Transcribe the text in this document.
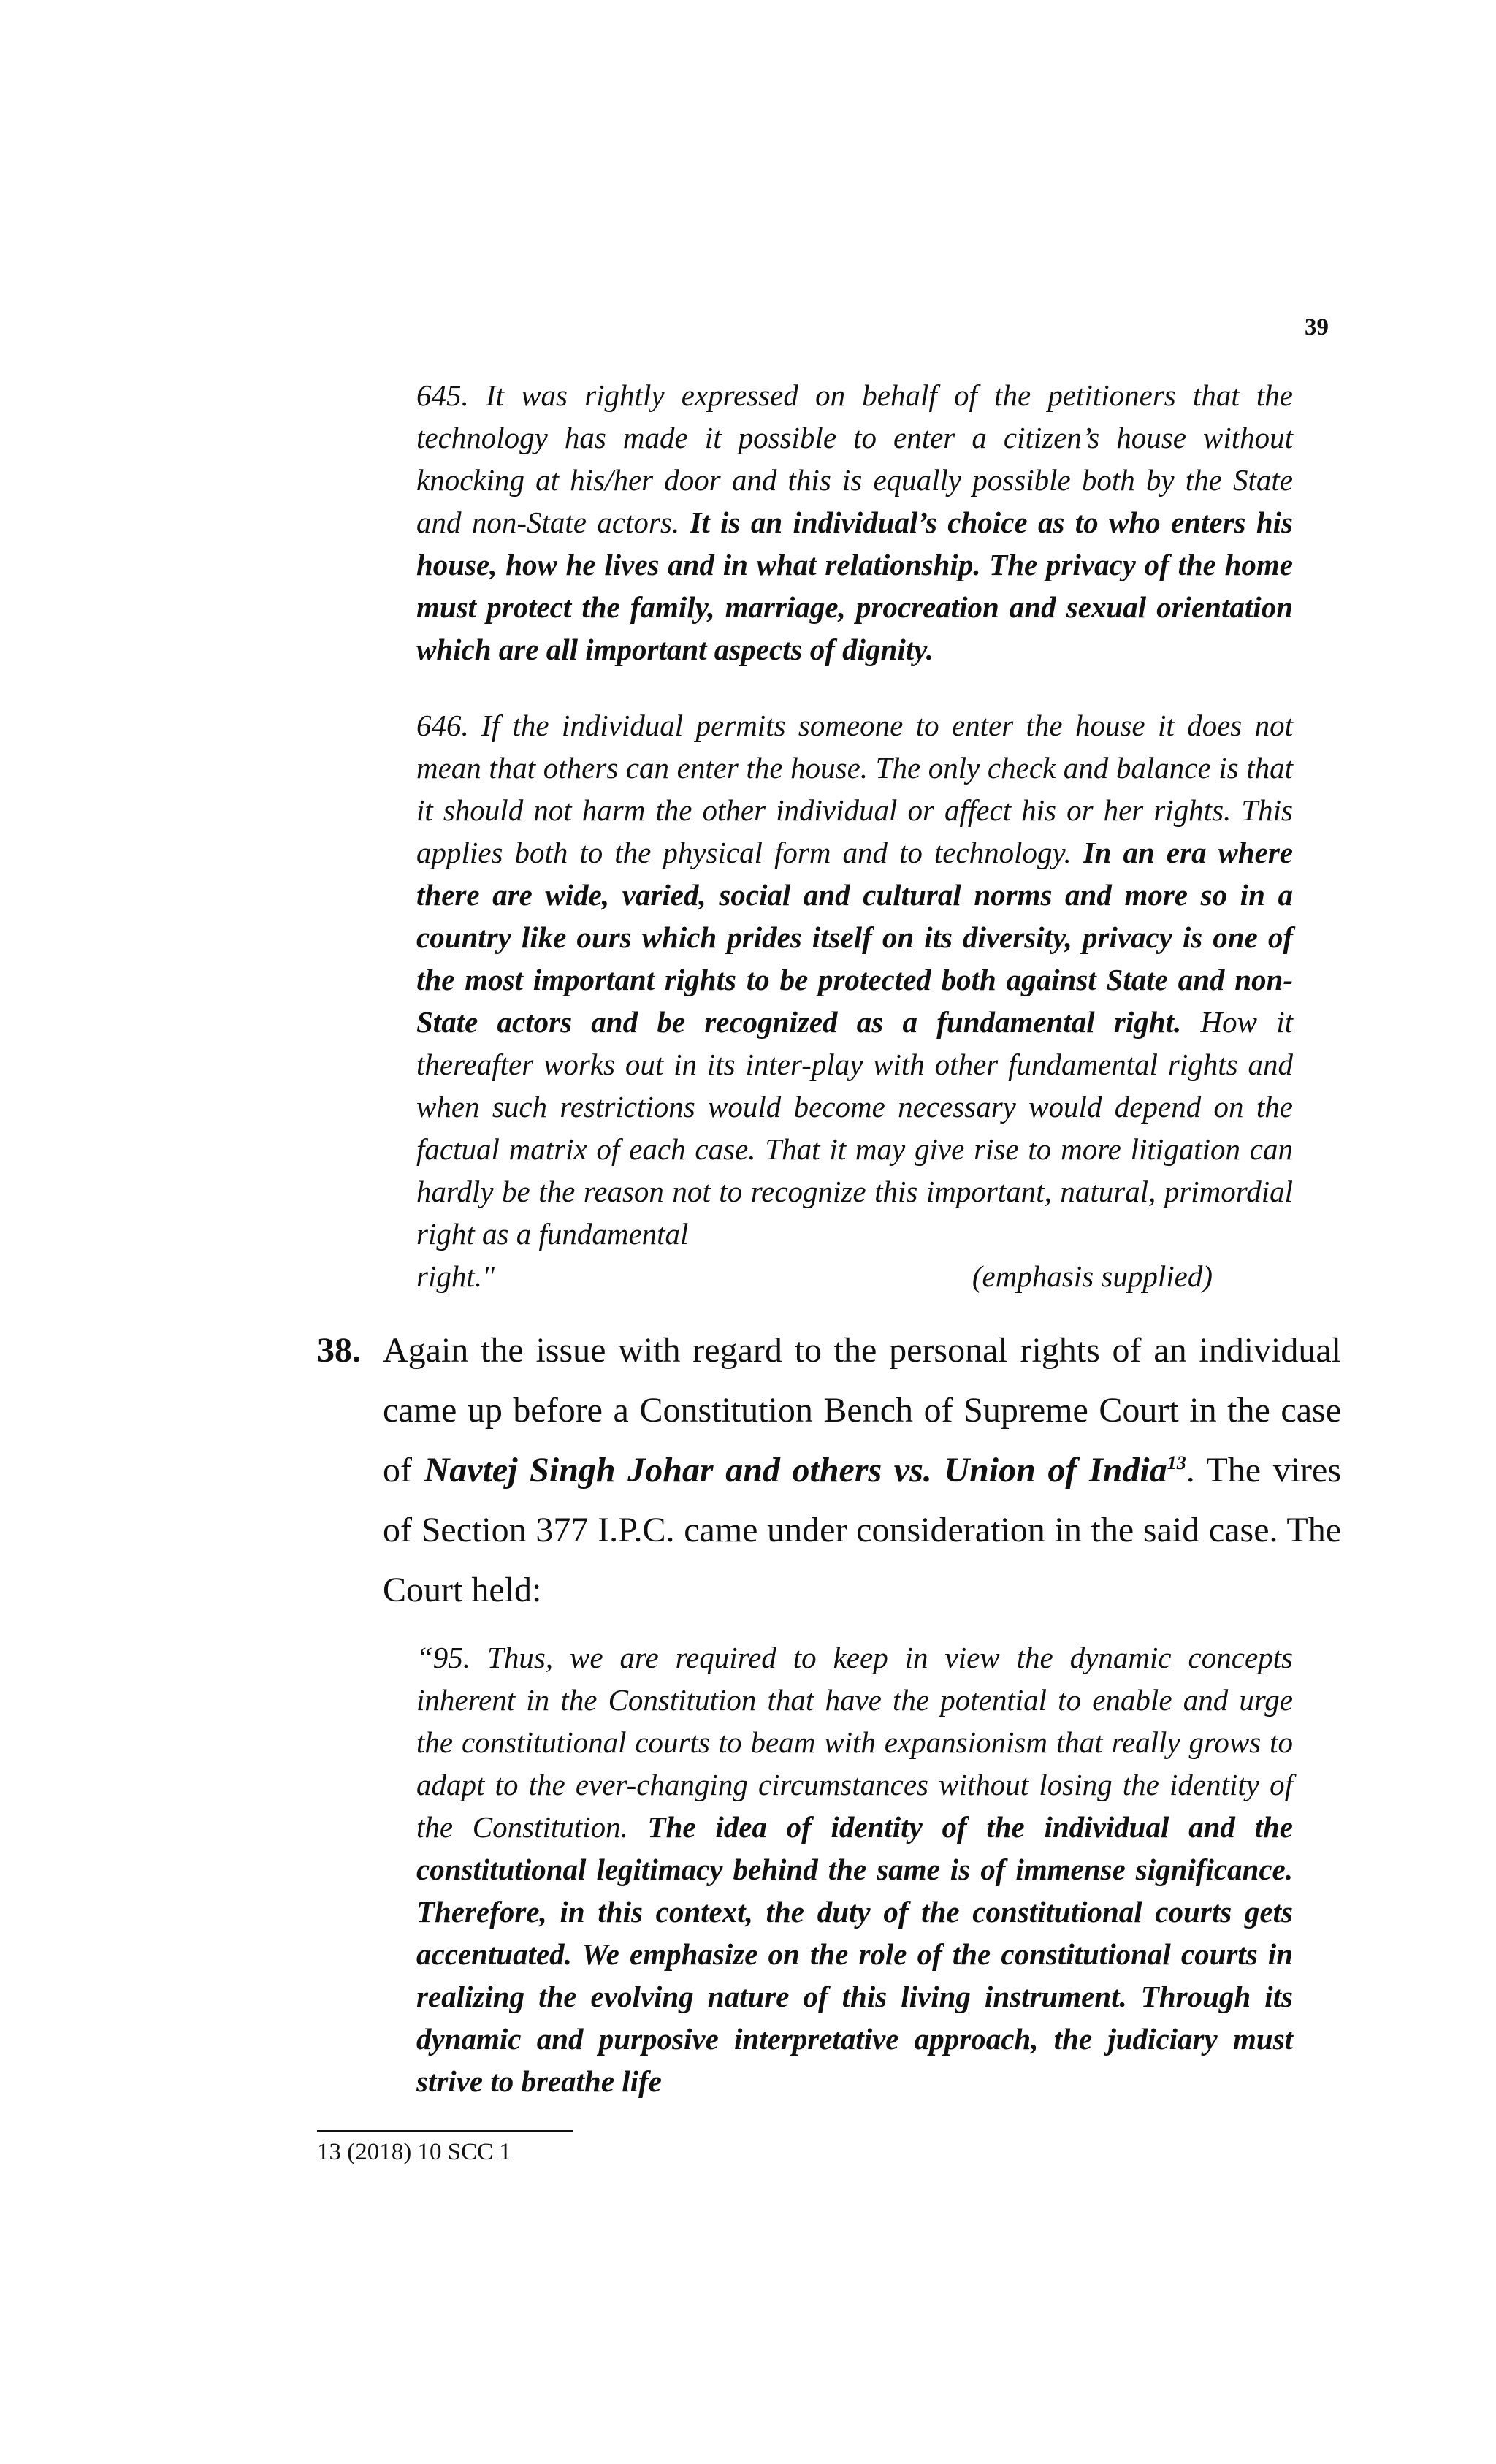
39

645. It was rightly expressed on behalf of the petitioners that the technology has made it possible to enter a citizen’s house without knocking at his/her door and this is equally possible both by the State and non-State actors. It is an individual’s choice as to who enters his house, how he lives and in what relationship. The privacy of the home must protect the family, marriage, procreation and sexual orientation which are all important aspects of dignity.

646. If the individual permits someone to enter the house it does not mean that others can enter the house. The only check and balance is that it should not harm the other individual or affect his or her rights. This applies both to the physical form and to technology. In an era where there are wide, varied, social and cultural norms and more so in a country like ours which prides itself on its diversity, privacy is one of the most important rights to be protected both against State and non-State actors and be recognized as a fundamental right. How it thereafter works out in its inter-play with other fundamental rights and when such restrictions would become necessary would depend on the factual matrix of each case. That it may give rise to more litigation can hardly be the reason not to recognize this important, natural, primordial right as a fundamental
right."	(emphasis supplied)
38. Again the issue with regard to the personal rights of an individual came up before a Constitution Bench of Supreme Court in the case of Navtej Singh Johar and others vs. Union of India$^{13}$. The vires of Section 377 I.P.C. came under consideration in the said case. The Court held:

“95. Thus, we are required to keep in view the dynamic concepts inherent in the Constitution that have the potential to enable and urge the constitutional courts to beam with expansionism that really grows to adapt to the ever-changing circumstances without losing the identity of the Constitution. The idea of identity of the individual and the constitutional legitimacy behind the same is of immense significance. Therefore, in this context, the duty of the constitutional courts gets accentuated. We emphasize on the role of the constitutional courts in realizing the evolving nature of this living instrument. Through its dynamic and purposive interpretative approach, the judiciary must strive to breathe life

13 (2018) 10 SCC 1
